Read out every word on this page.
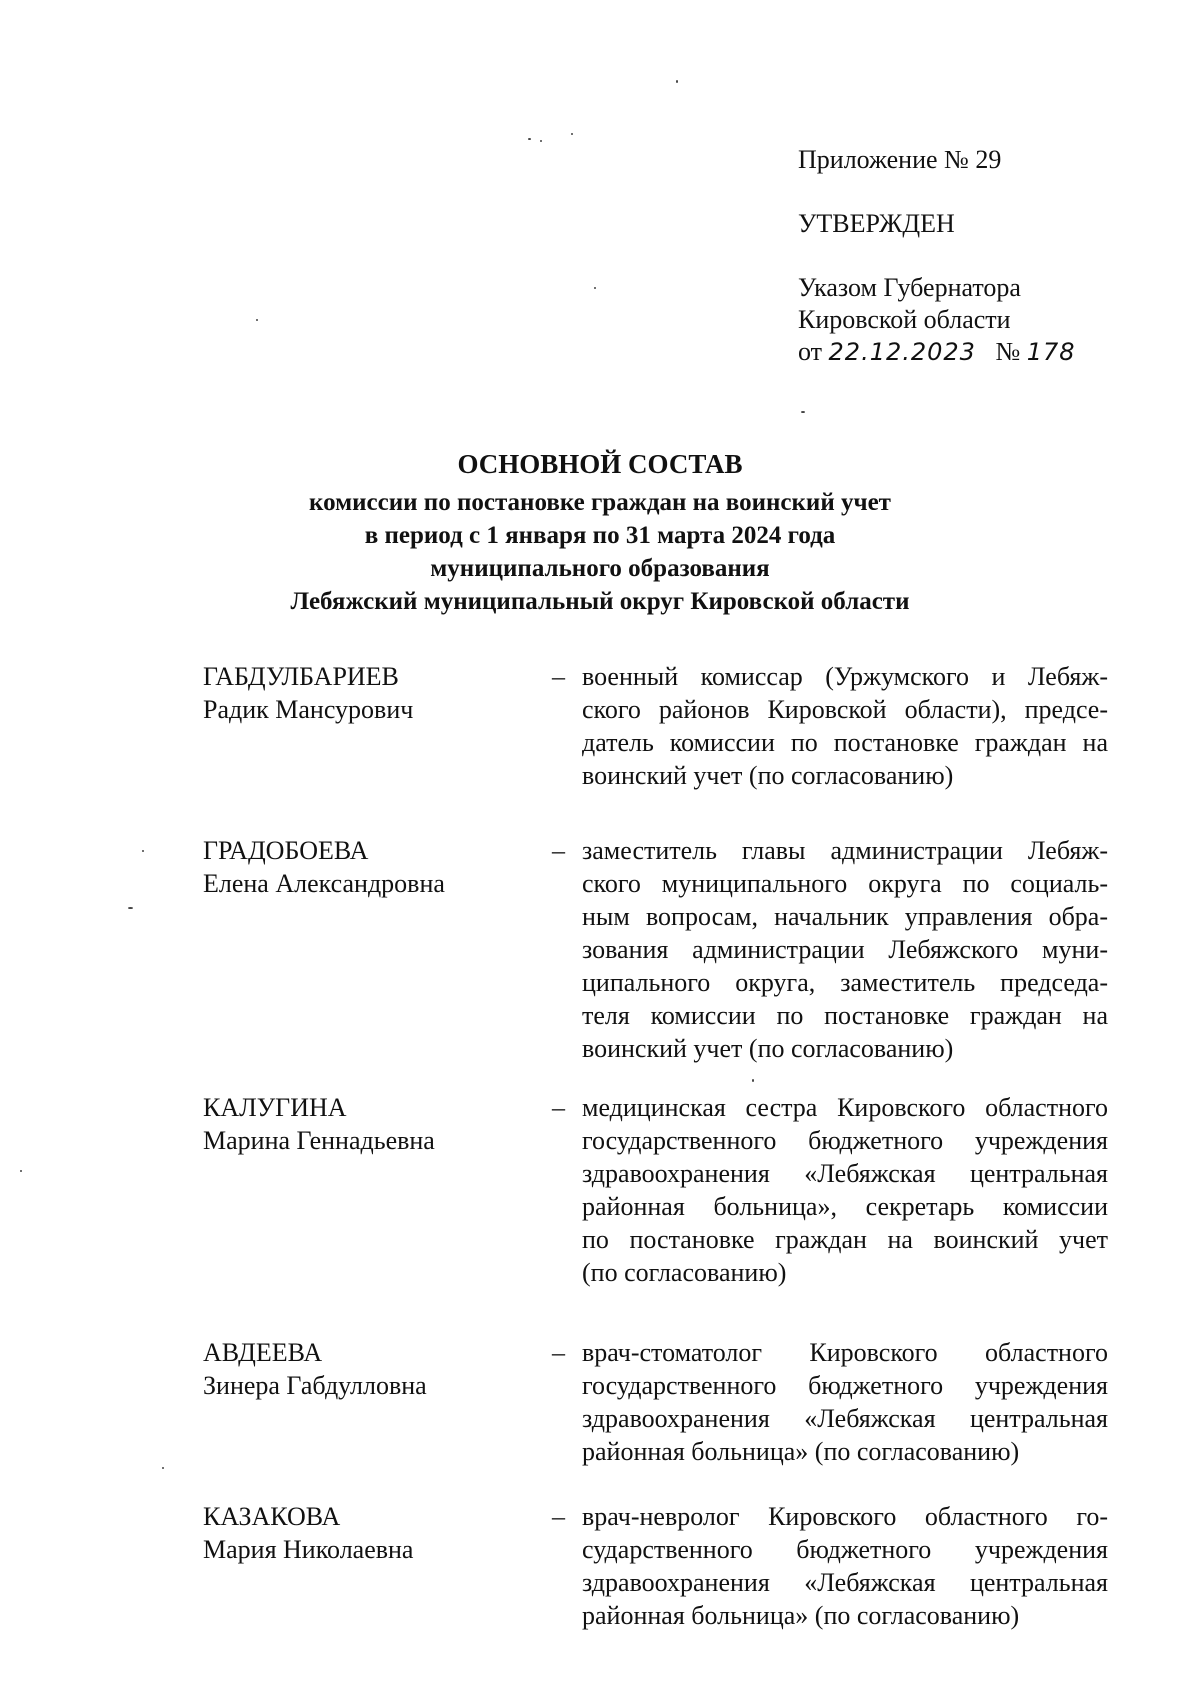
Приложение № 29
УТВЕРЖДЕН
Указом Губернатора
Кировской области
от 22.12.2023 № 178
ОСНОВНОЙ СОСТАВ
комиссии по постановке граждан на воинский учет
в период с 1 января по 31 марта 2024 года
муниципального образования
Лебяжский муниципальный округ Кировской области
ГАБДУЛБАРИЕВ
Радик Мансурович
– военный комиссар (Уржумского и Лебяж-
ского районов Кировской области), предсе-
датель комиссии по постановке граждан на
воинский учет (по согласованию)
ГРАДОБОЕВА
Елена Александровна
– заместитель главы администрации Лебяж-
ского муниципального округа по социаль-
ным вопросам, начальник управления обра-
зования администрации Лебяжского муни-
ципального округа, заместитель председа-
теля комиссии по постановке граждан на
воинский учет (по согласованию)
КАЛУГИНА
Марина Геннадьевна
– медицинская сестра Кировского областного
государственного бюджетного учреждения
здравоохранения «Лебяжская центральная
районная больница», секретарь комиссии
по постановке граждан на воинский учет
(по согласованию)
АВДЕЕВА
Зинера Габдулловна
– врач-стоматолог Кировского областного
государственного бюджетного учреждения
здравоохранения «Лебяжская центральная
районная больница» (по согласованию)
КАЗАКОВА
Мария Николаевна
– врач-невролог Кировского областного го-
сударственного бюджетного учреждения
здравоохранения «Лебяжская центральная
районная больница» (по согласованию)
